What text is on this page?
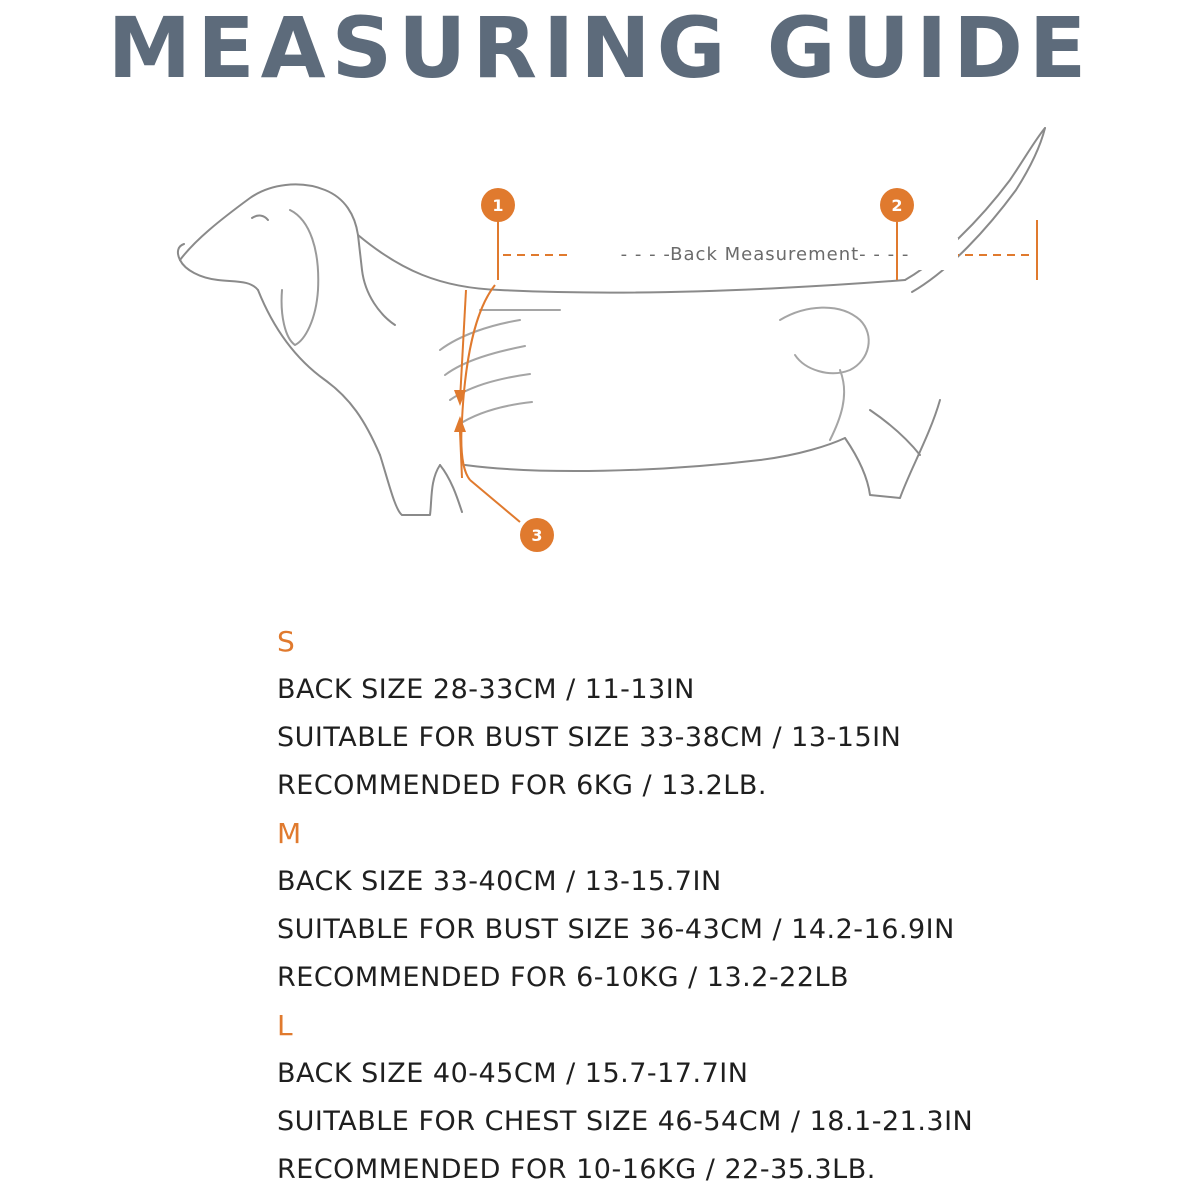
MEASURING GUIDE
- - - -Back Measurement- - - -
1	2
3
S
BACK SIZE 28-33CM / 11-13IN
SUITABLE FOR BUST SIZE 33-38CM / 13-15IN
RECOMMENDED FOR 6KG / 13.2LB.
M
BACK SIZE 33-40CM / 13-15.7IN
SUITABLE FOR BUST SIZE 36-43CM / 14.2-16.9IN
RECOMMENDED FOR 6-10KG / 13.2-22LB
L
BACK SIZE 40-45CM / 15.7-17.7IN
SUITABLE FOR CHEST SIZE 46-54CM / 18.1-21.3IN
RECOMMENDED FOR 10-16KG / 22-35.3LB.
